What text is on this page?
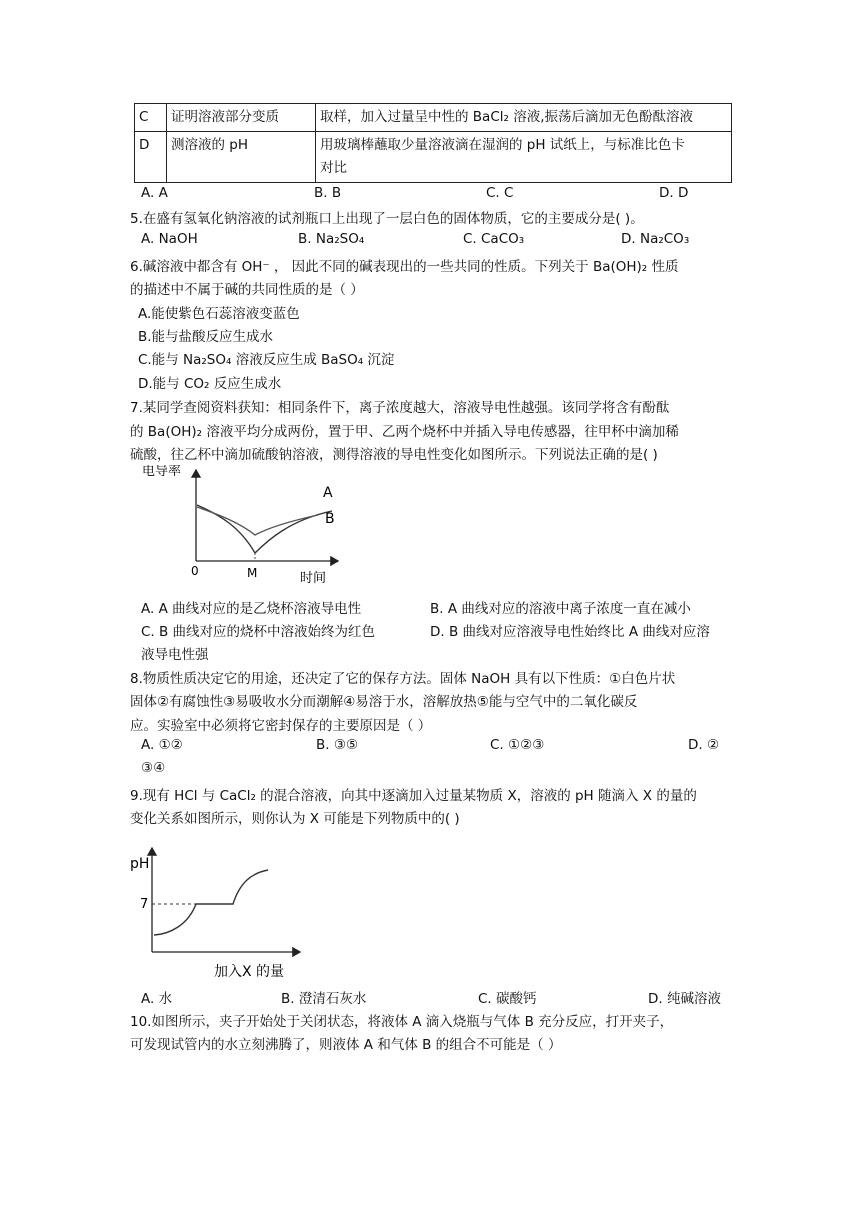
C	证明溶液部分变质	取样，加入过量呈中性的 BaCl₂ 溶液,振荡后滴加无色酚酞溶液
D	测溶液的 pH	用玻璃棒蘸取少量溶液滴在湿润的 pH 试纸上，与标准比色卡
对比
A. A	B. B	C. C	D. D
5.在盛有氢氧化钠溶液的试剂瓶口上出现了一层白色的固体物质，它的主要成分是( )。
A. NaOH	B. Na₂SO₄	C. CaCO₃	D. Na₂CO₃
6.碱溶液中都含有 OH⁻ ， 因此不同的碱表现出的一些共同的性质。下列关于 Ba(OH)₂ 性质
的描述中不属于碱的共同性质的是（ ）
A.能使紫色石蕊溶液变蓝色
B.能与盐酸反应生成水
C.能与 Na₂SO₄ 溶液反应生成 BaSO₄ 沉淀
D.能与 CO₂ 反应生成水
7.某同学查阅资料获知：相同条件下，离子浓度越大，溶液导电性越强。该同学将含有酚酞
的 Ba(OH)₂ 溶液平均分成两份，置于甲、乙两个烧杯中并插入导电传感器，往甲杯中滴加稀
硫酸，往乙杯中滴加硫酸钠溶液，测得溶液的导电性变化如图所示。下列说法正确的是( )
电导率
时间
0	M
A
B
A. A 曲线对应的是乙烧杯溶液导电性	B. A 曲线对应的溶液中离子浓度一直在减小
C. B 曲线对应的烧杯中溶液始终为红色	D. B 曲线对应溶液导电性始终比 A 曲线对应溶
液导电性强
8.物质性质决定它的用途，还决定了它的保存方法。固体 NaOH 具有以下性质：①白色片状
固体②有腐蚀性③易吸收水分而潮解④易溶于水，溶解放热⑤能与空气中的二氧化碳反
应。实验室中必须将它密封保存的主要原因是（ ）
A. ①②	B. ③⑤	C. ①②③	D. ②
③④
9.现有 HCl 与 CaCl₂ 的混合溶液，向其中逐滴加入过量某物质 X，溶液的 pH 随滴入 X 的量的
变化关系如图所示，则你认为 X 可能是下列物质中的( )
pH
7
加入X 的量
A. 水	B. 澄清石灰水	C. 碳酸钙	D. 纯碱溶液
10.如图所示，夹子开始处于关闭状态，将液体 A 滴入烧瓶与气体 B 充分反应，打开夹子，
可发现试管内的水立刻沸腾了，则液体 A 和气体 B 的组合不可能是（ ）
